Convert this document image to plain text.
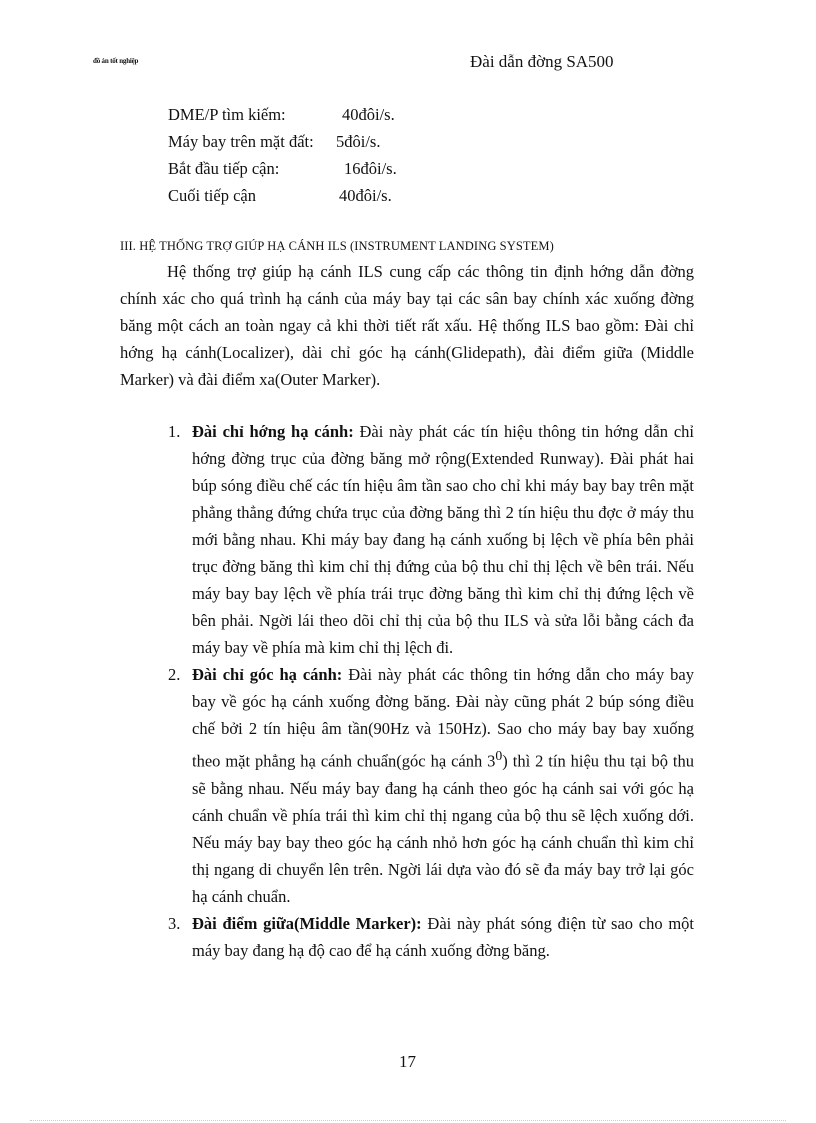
đồ án tốt nghiệp	Đài dẫn đờng SA500
DME/P tìm kiếm:	40đôi/s.
Máy bay trên mặt đất: 5đôi/s.
Bắt đầu tiếp cận:	16đôi/s.
Cuối tiếp cận	40đôi/s.
III. HỆ THỐNG TRỢ GIÚP HẠ CÁNH ILS (INSTRUMENT LANDING SYSTEM)

Hệ thống trợ giúp hạ cánh ILS cung cấp các thông tin định hớng dẫn đờng chính xác cho quá trình hạ cánh của máy bay tại các sân bay chính xác xuống đờng băng một cách an toàn ngay cả khi thời tiết rất xấu. Hệ thống ILS bao gồm: Đài chỉ hớng hạ cánh(Localizer), dài chỉ góc hạ cánh(Glidepath), đài điểm giữa (Middle Marker) và đài điểm xa(Outer Marker).

1. Đài chỉ hớng hạ cánh: Đài này phát các tín hiệu thông tin hớng dẫn chỉ hớng đờng trục của đờng băng mở rộng(Extended Runway). Đài phát hai búp sóng điều chế các tín hiệu âm tần sao cho chỉ khi máy bay bay trên mặt phẳng thẳng đứng chứa trục của đờng băng thì 2 tín hiệu thu đợc ở máy thu mới bằng nhau. Khi máy bay đang hạ cánh xuống bị lệch về phía bên phải trục đờng băng thì kim chỉ thị đứng của bộ thu chỉ thị lệch về bên trái. Nếu máy bay bay lệch về phía trái trục đờng băng thì kim chỉ thị đứng lệch về bên phải. Ngời lái theo dõi chỉ thị của bộ thu ILS và sửa lỗi bằng cách đa máy bay về phía mà kim chỉ thị lệch đi.
2. Đài chỉ góc hạ cánh: Đài này phát các thông tin hớng dẫn cho máy bay bay về góc hạ cánh xuống đờng băng. Đài này cũng phát 2 búp sóng điều chế bởi 2 tín hiệu âm tần(90Hz và 150Hz). Sao cho máy bay bay xuống theo mặt phẳng hạ cánh chuẩn(góc hạ cánh $3^0$) thì 2 tín hiệu thu tại bộ thu sẽ bằng nhau. Nếu máy bay đang hạ cánh theo góc hạ cánh sai với góc hạ cánh chuẩn về phía trái thì kim chỉ thị ngang của bộ thu sẽ lệch xuống dới. Nếu máy bay bay theo góc hạ cánh nhỏ hơn góc hạ cánh chuẩn thì kim chỉ thị ngang di chuyển lên trên. Ngời lái dựa vào đó sẽ đa máy bay trở lại góc hạ cánh chuẩn.
3. Đài điểm giữa(Middle Marker): Đài này phát sóng điện từ sao cho một máy bay đang hạ độ cao để hạ cánh xuống đờng băng.
17
